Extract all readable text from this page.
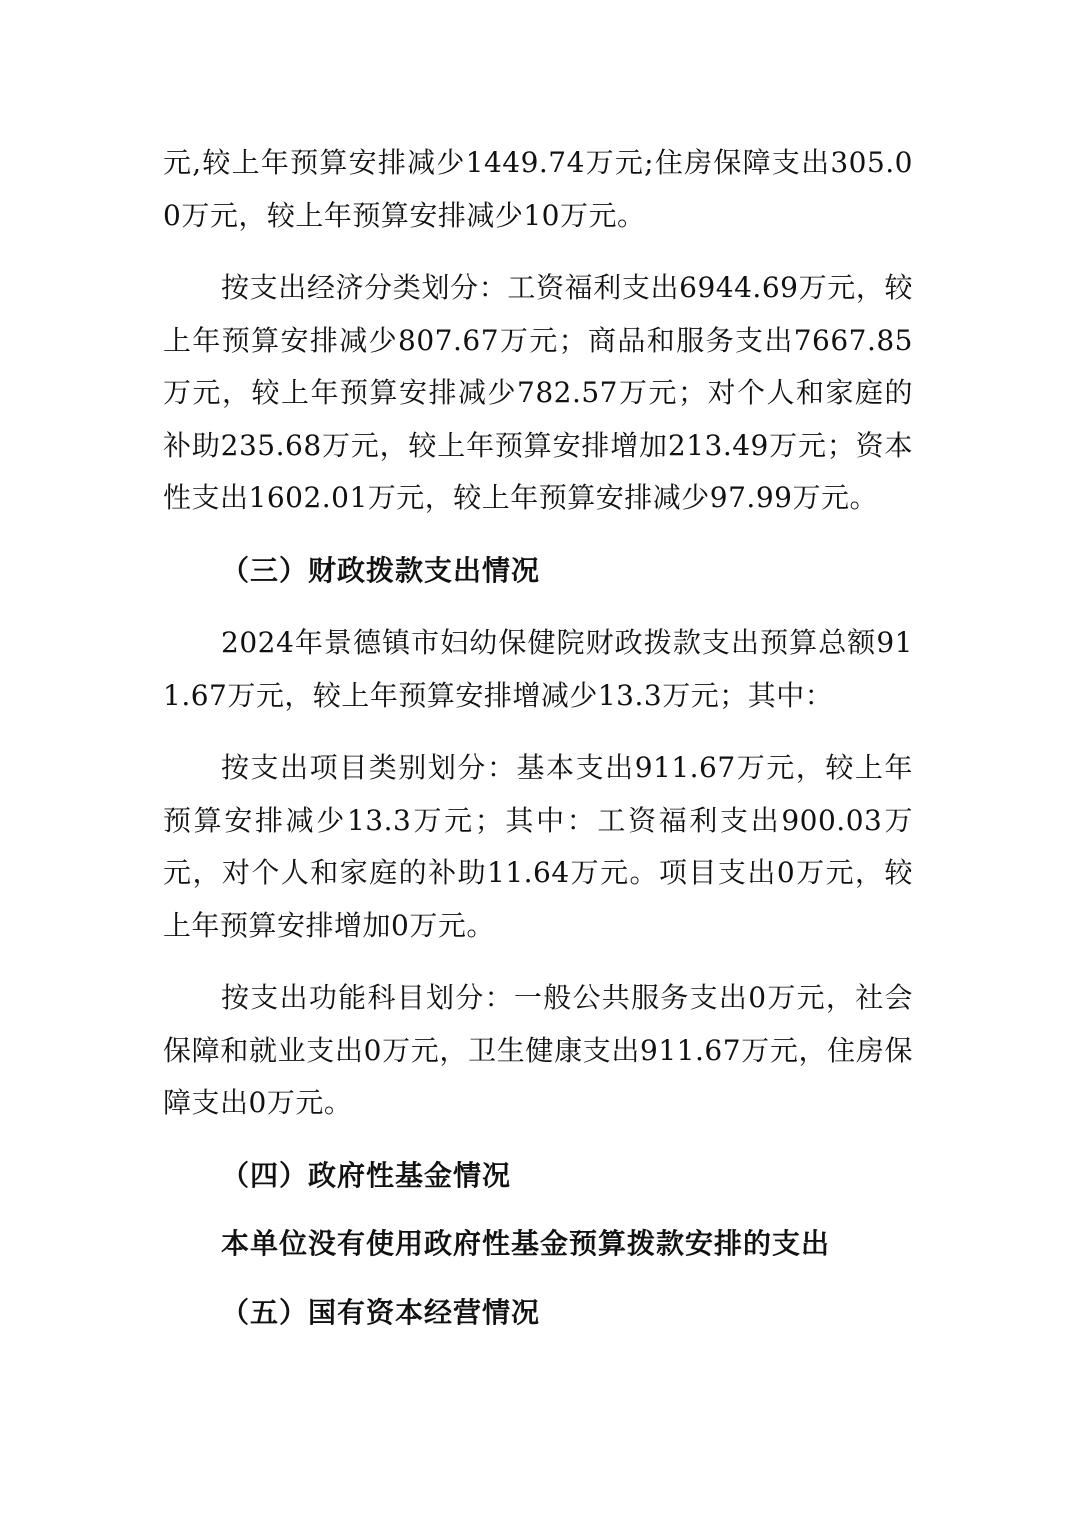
元,较上年预算安排减少1449.74万元;住房保障支出305.00万元，较上年预算安排减少10万元。

按支出经济分类划分：工资福利支出6944.69万元，较上年预算安排减少807.67万元；商品和服务支出7667.85万元，较上年预算安排减少782.57万元；对个人和家庭的补助235.68万元，较上年预算安排增加213.49万元；资本性支出1602.01万元，较上年预算安排减少97.99万元。

（三）财政拨款支出情况

2024年景德镇市妇幼保健院财政拨款支出预算总额911.67万元，较上年预算安排增减少13.3万元；其中：

按支出项目类别划分：基本支出911.67万元，较上年预算安排减少13.3万元；其中：工资福利支出900.03万元，对个人和家庭的补助11.64万元。项目支出0万元，较上年预算安排增加0万元。

按支出功能科目划分：一般公共服务支出0万元，社会保障和就业支出0万元，卫生健康支出911.67万元，住房保障支出0万元。

（四）政府性基金情况

本单位没有使用政府性基金预算拨款安排的支出

（五）国有资本经营情况
